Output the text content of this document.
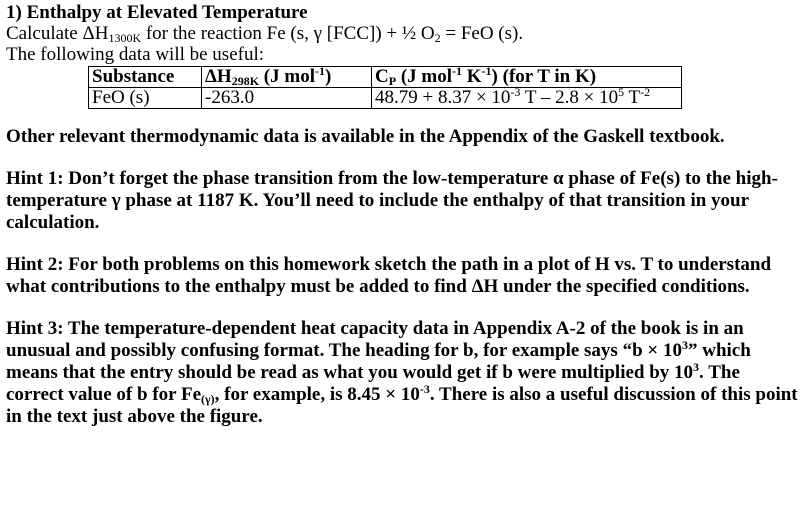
1) Enthalpy at Elevated Temperature
Calculate $\Delta H_{1300K}$ for the reaction Fe (s, γ [FCC]) + ½ $O_2$ = FeO (s).
The following data will be useful:
Substance	$\Delta H_{298K}$ (J mol$^{-1}$)	$C_P$ (J mol$^{-1}$ $K^{-1}$) (for T in K)
FeO (s)	-263.0	$48.79 + 8.37 \times 10^{-3}$ $T - 2.8 \times 10^5$ $T^{-2}$
Other relevant thermodynamic data is available in the Appendix of the Gaskell textbook.
Hint 1: Don’t forget the phase transition from the low-temperature α phase of Fe(s) to the high-temperature γ phase at 1187 K. You’ll need to include the enthalpy of that transition in your calculation.
Hint 2: For both problems on this homework sketch the path in a plot of H vs. T to understand what contributions to the enthalpy must be added to find ΔH under the specified conditions.
Hint 3: The temperature-dependent heat capacity data in Appendix A-2 of the book is in an unusual and possibly confusing format. The heading for b, for example says “$b \times 10^3$” which means that the entry should be read as what you would get if b were multiplied by $10^3$. The correct value of b for $Fe_{(\gamma)}$, for example, is $8.45 \times 10^{-3}$. There is also a useful discussion of this point in the text just above the figure.
